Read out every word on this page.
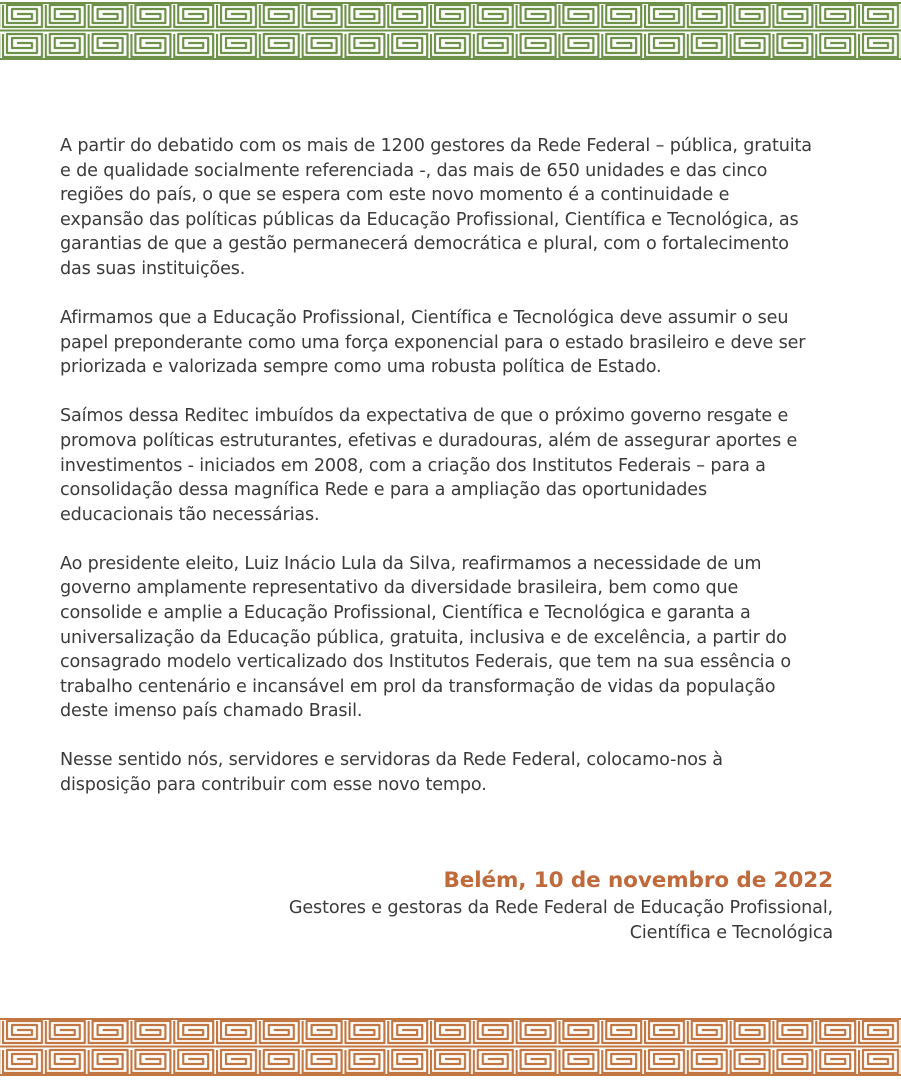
A partir do debatido com os mais de 1200 gestores da Rede Federal – pública, gratuita
e de qualidade socialmente referenciada -, das mais de 650 unidades e das cinco
regiões do país, o que se espera com este novo momento é a continuidade e
expansão das políticas públicas da Educação Profissional, Científica e Tecnológica, as
garantias de que a gestão permanecerá democrática e plural, com o fortalecimento
das suas instituições.

Afirmamos que a Educação Profissional, Científica e Tecnológica deve assumir o seu
papel preponderante como uma força exponencial para o estado brasileiro e deve ser
priorizada e valorizada sempre como uma robusta política de Estado.

Saímos dessa Reditec imbuídos da expectativa de que o próximo governo resgate e
promova políticas estruturantes, efetivas e duradouras, além de assegurar aportes e
investimentos - iniciados em 2008, com a criação dos Institutos Federais – para a
consolidação dessa magnífica Rede e para a ampliação das oportunidades
educacionais tão necessárias.

Ao presidente eleito, Luiz Inácio Lula da Silva, reafirmamos a necessidade de um
governo amplamente representativo da diversidade brasileira, bem como que
consolide e amplie a Educação Profissional, Científica e Tecnológica e garanta a
universalização da Educação pública, gratuita, inclusiva e de excelência, a partir do
consagrado modelo verticalizado dos Institutos Federais, que tem na sua essência o
trabalho centenário e incansável em prol da transformação de vidas da população
deste imenso país chamado Brasil.

Nesse sentido nós, servidores e servidoras da Rede Federal, colocamo-nos à
disposição para contribuir com esse novo tempo.

Belém, 10 de novembro de 2022
Gestores e gestoras da Rede Federal de Educação Profissional,
Científica e Tecnológica
